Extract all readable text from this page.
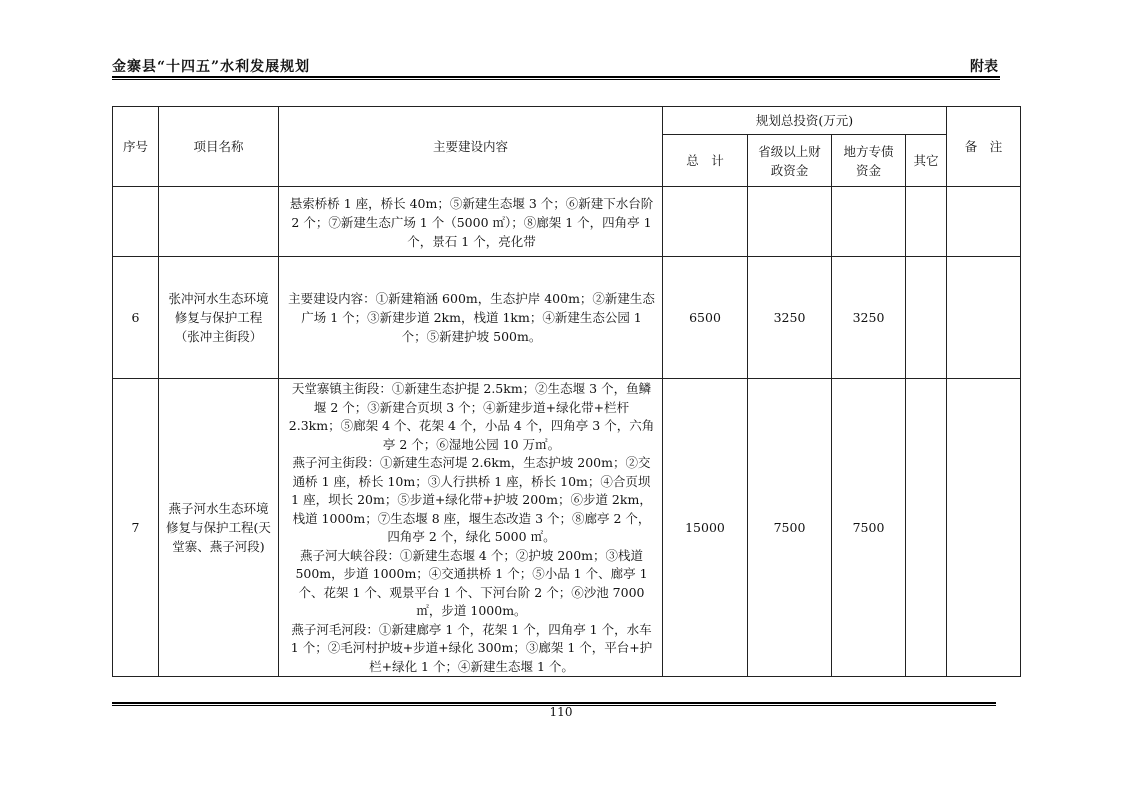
金寨县“十四五”水利发展规划	附表
序号	项目名称	主要建设内容	规划总投资(万元)				备　注
			总　计	省级以上财政资金	地方专债资金	其它	
		悬索桥桥 1 座，桥长 40m；⑤新建生态堰 3 个；⑥新建下水台阶 2 个；⑦新建生态广场 1 个（5000 ㎡）；⑧廊架 1 个，四角亭 1 个，景石 1 个，亮化带					
6	张冲河水生态环境修复与保护工程（张冲主街段）	主要建设内容：①新建箱涵 600m，生态护岸 400m；②新建生态广场 1 个；③新建步道 2km，栈道 1km；④新建生态公园 1 个；⑤新建护坡 500m。	6500	3250	3250		
7	燕子河水生态环境修复与保护工程(天堂寨、燕子河段)	天堂寨镇主街段：①新建生态护提 2.5km；②生态堰 3 个，鱼鳞堰 2 个；③新建合页坝 3 个；④新建步道+绿化带+栏杆 2.3km；⑤廊架 4 个、花架 4 个，小品 4 个，四角亭 3 个，六角亭 2 个；⑥湿地公园 10 万㎡。
燕子河主街段：①新建生态河堤 2.6km，生态护坡 200m；②交通桥 1 座，桥长 10m；③人行拱桥 1 座，桥长 10m；④合页坝 1 座，坝长 20m；⑤步道+绿化带+护坡 200m；⑥步道 2km，栈道 1000m；⑦生态堰 8 座，堰生态改造 3 个；⑧廊亭 2 个，四角亭 2 个，绿化 5000 ㎡。
燕子河大峡谷段：①新建生态堰 4 个；②护坡 200m；③栈道 500m，步道 1000m；④交通拱桥 1 个；⑤小品 1 个、廊亭 1 个、花架 1 个、观景平台 1 个、下河台阶 2 个；⑥沙池 7000 ㎡，步道 1000m。
燕子河毛河段：①新建廊亭 1 个，花架 1 个，四角亭 1 个，水车 1 个；②毛河村护坡+步道+绿化 300m；③廊架 1 个，平台+护栏+绿化 1 个；④新建生态堰 1 个。	15000	7500	7500		
110
